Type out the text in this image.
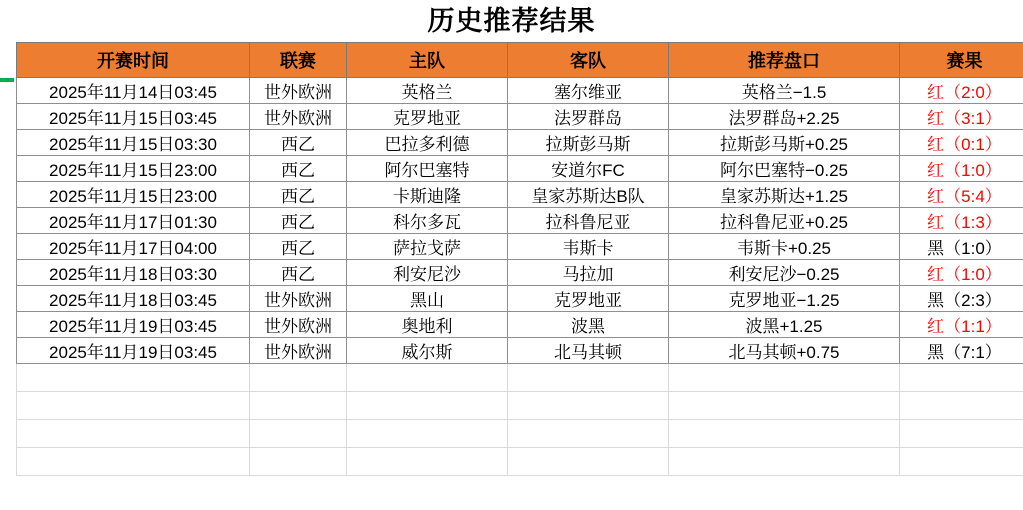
历史推荐结果
开赛时间	联赛	主队	客队	推荐盘口	赛果
2025年11月14日03:45	世外欧洲	英格兰	塞尔维亚	英格兰−1.5	红（2:0）
2025年11月15日03:45	世外欧洲	克罗地亚	法罗群岛	法罗群岛+2.25	红（3:1）
2025年11月15日03:30	西乙	巴拉多利德	拉斯彭马斯	拉斯彭马斯+0.25	红（0:1）
2025年11月15日23:00	西乙	阿尔巴塞特	安道尔FC	阿尔巴塞特−0.25	红（1:0）
2025年11月15日23:00	西乙	卡斯迪隆	皇家苏斯达B队	皇家苏斯达+1.25	红（5:4）
2025年11月17日01:30	西乙	科尔多瓦	拉科鲁尼亚	拉科鲁尼亚+0.25	红（1:3）
2025年11月17日04:00	西乙	萨拉戈萨	韦斯卡	韦斯卡+0.25	黑（1:0）
2025年11月18日03:30	西乙	利安尼沙	马拉加	利安尼沙−0.25	红（1:0）
2025年11月18日03:45	世外欧洲	黑山	克罗地亚	克罗地亚−1.25	黑（2:3）
2025年11月19日03:45	世外欧洲	奥地利	波黑	波黑+1.25	红（1:1）
2025年11月19日03:45	世外欧洲	威尔斯	北马其顿	北马其顿+0.75	黑（7:1）
